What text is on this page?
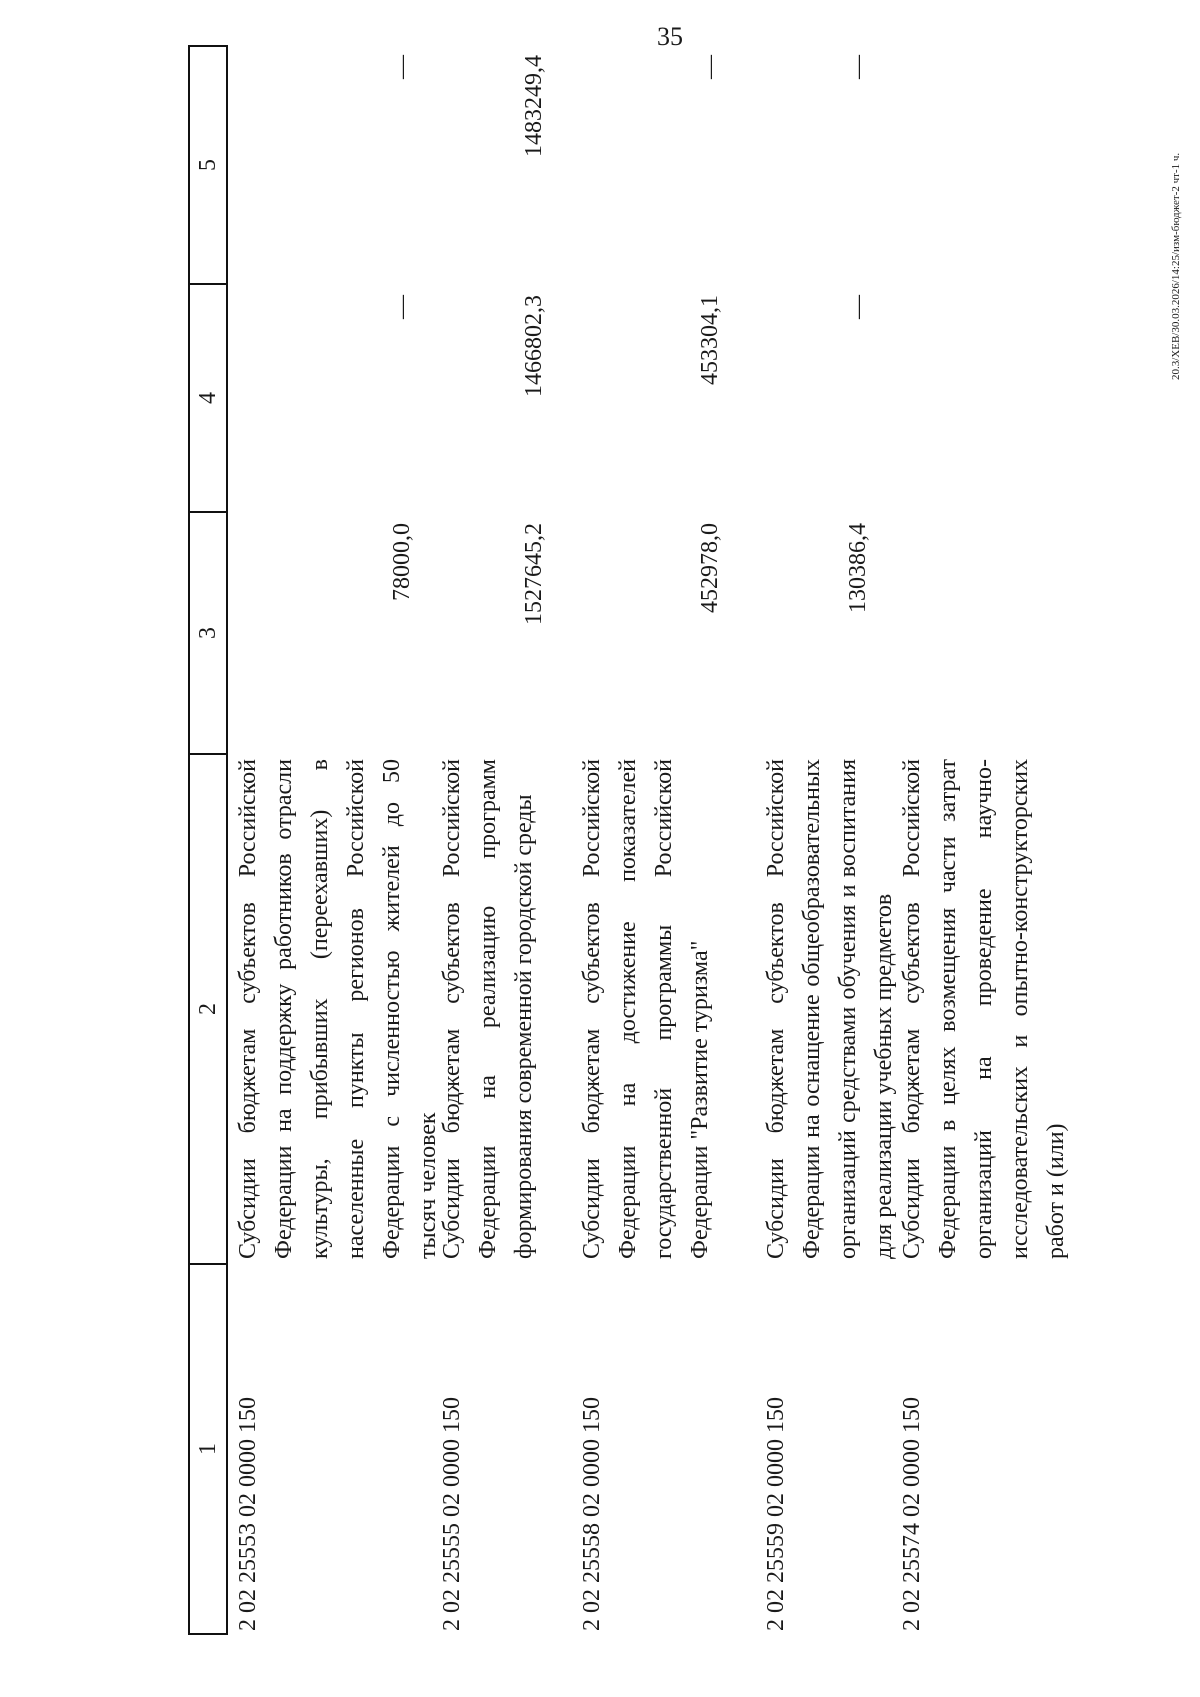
35
20.3/ХЕВ/30.03.2026/14:25/изм-бюджет-2 чт-1 ч.
1
2
3
4
5
2 02 25553 02 0000 150
Субсидии бюджетам субъектов Российской Федерации на поддержку работников отрасли культуры, прибывших (переехавших) в населенные пункты регионов Российской Федерации с численностью жителей до 50 тысяч человек
78000,0
—
—
2 02 25555 02 0000 150
Субсидии бюджетам субъектов Российской Федерации на реализацию программ формирования современной городской среды
1527645,2
1466802,3
1483249,4
2 02 25558 02 0000 150
Субсидии бюджетам субъектов Российской Федерации на достижение показателей государственной программы Российской Федерации "Развитие туризма"
452978,0
453304,1
—
2 02 25559 02 0000 150
Субсидии бюджетам субъектов Российской Федерации на оснащение общеобразовательных организаций средствами обучения и воспитания для реализации учебных предметов
130386,4
—
—
2 02 25574 02 0000 150
Субсидии бюджетам субъектов Российской Федерации в целях возмещения части затрат организаций на проведение научно-исследовательских и опытно-конструкторских работ и (или)
